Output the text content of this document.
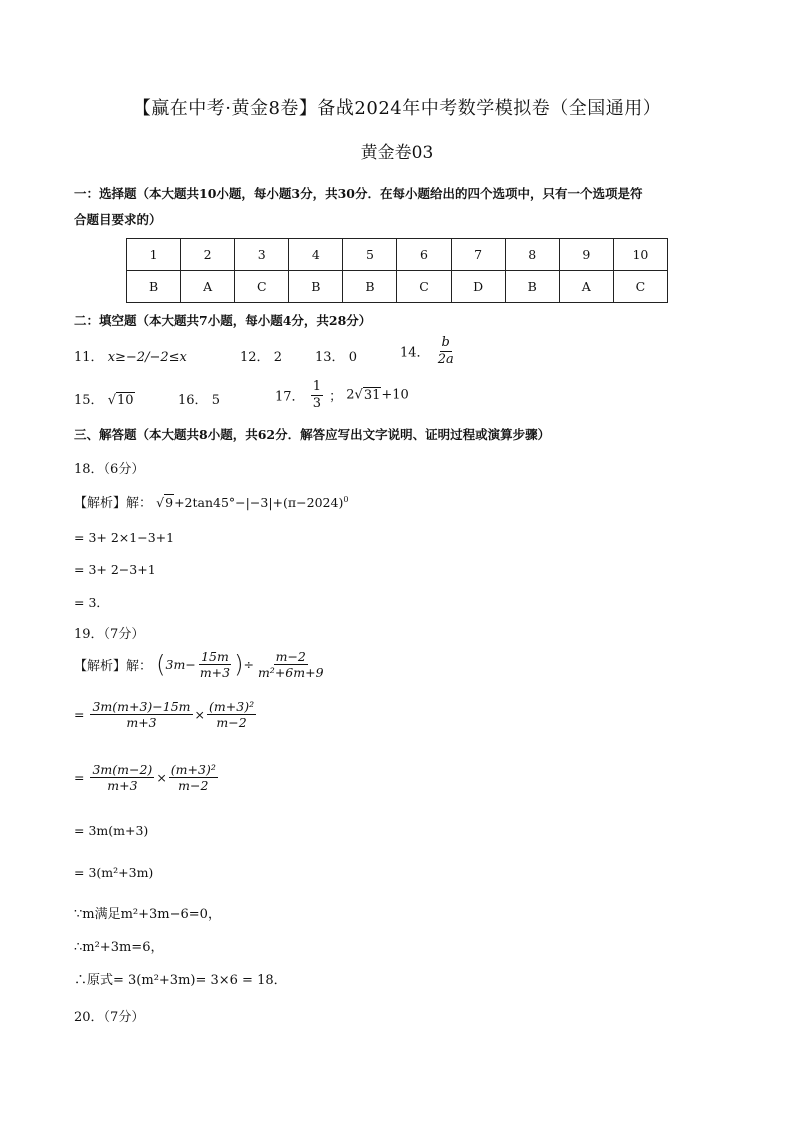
【赢在中考·黄金8卷】备战2024年中考数学模拟卷（全国通用）
黄金卷03
一：选择题（本大题共10小题，每小题3分，共30分．在每小题给出的四个选项中，只有一个选项是符
合题目要求的）
1	2	3	4	5	6	7	8	9	10
B	A	C	B	B	C	D	B	A	C
二：填空题（本大题共7小题，每小题4分，共28分）
11． x≥−2/−2≤x	12． 2	13． 0	14． $\frac{b}{2a}$
15． √10	16． 5	17． $\frac{1}{3}$ ； 2√31+10
三、解答题（本大题共8小题，共62分．解答应写出文字说明、证明过程或演算步骤）
18．（6分）
【解析】解： $√9+2\tan 45^\circ-|-3|+(\pi-2024)^0$
= 3+ 2×1−3+1
= 3+ 2−3+1
= 3．
19．（7分）
【解析】解： ($3m- \frac{15m}{m+3}$ )÷ $\frac{m-2}{\text{m²+6m+9}}$
= $\frac{3m(m+3)-15m}{m+3} \times \frac{\text{(m+3)²}}{m-2}$
= $\frac{3m(m-2)}{m+3} \times \frac{\text{(m+3)²}}{m-2}$
= 3m(m+3)
= 3(m²+3m)
∵m满足m²+3m−6=0，
∴m²+3m=6，
∴原式= 3(m²+3m)= 3×6 = 18．
20．（7分）
